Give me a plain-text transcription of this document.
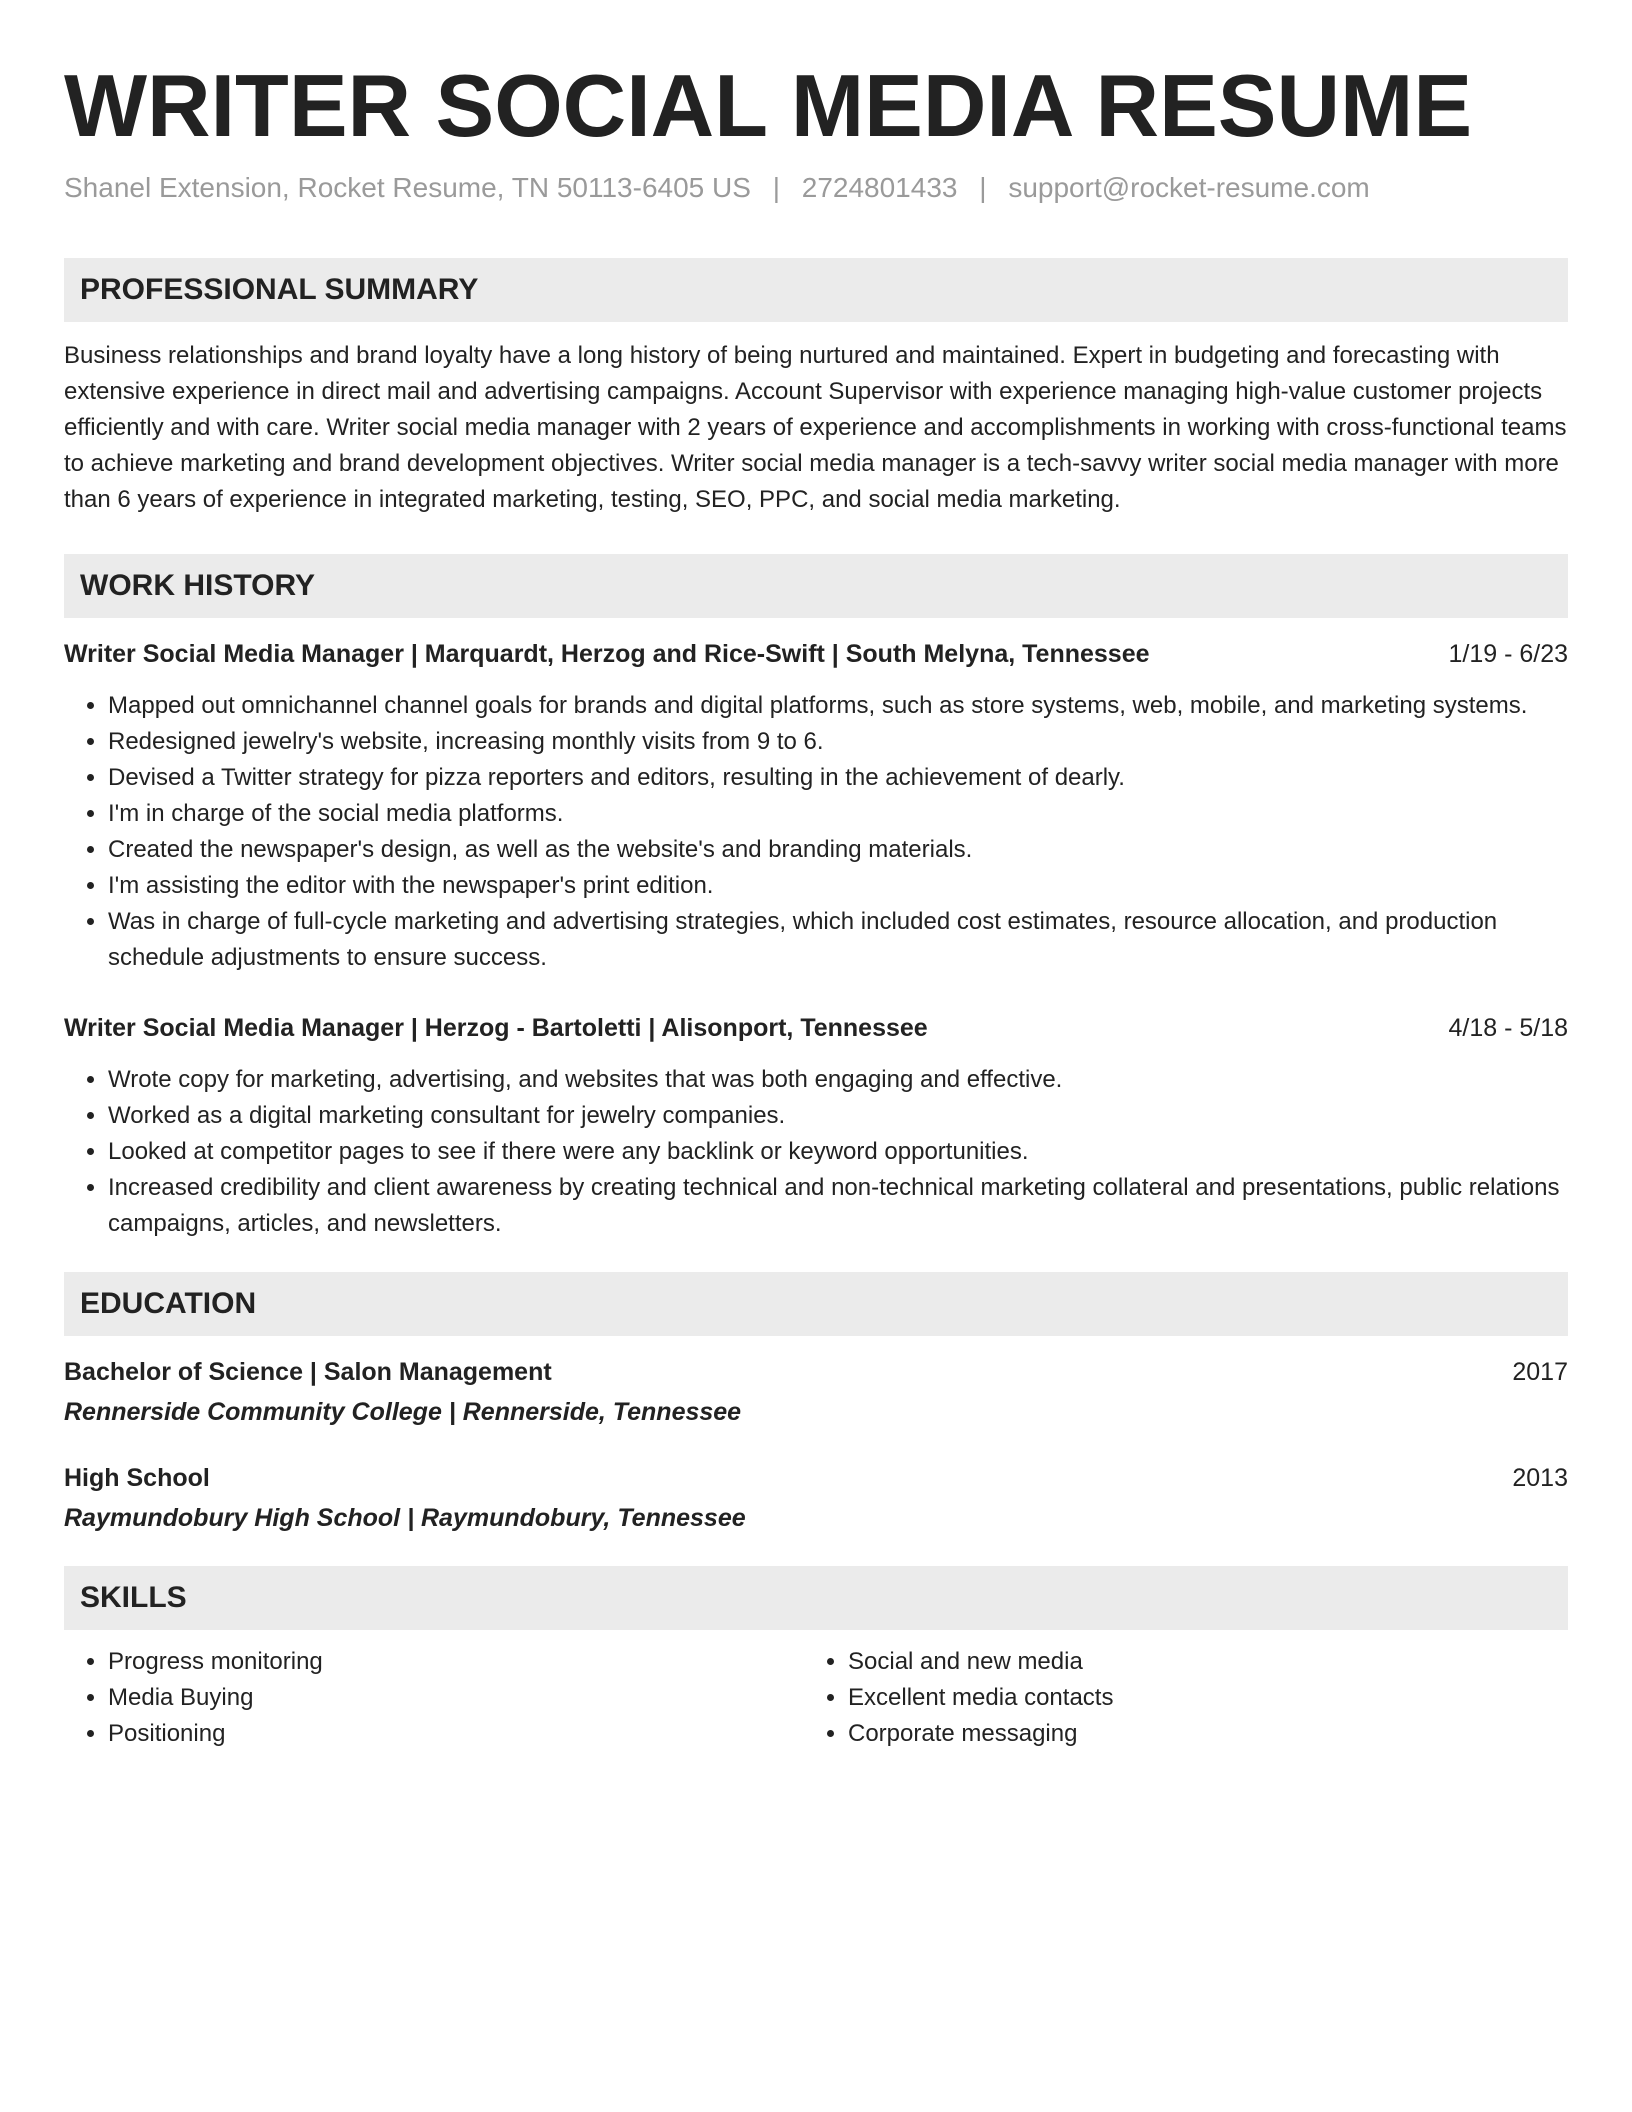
WRITER SOCIAL MEDIA RESUME
Shanel Extension, Rocket Resume, TN 50113-6405 US | 2724801433 | support@rocket-resume.com
PROFESSIONAL SUMMARY
Business relationships and brand loyalty have a long history of being nurtured and maintained. Expert in budgeting and forecasting with extensive experience in direct mail and advertising campaigns. Account Supervisor with experience managing high-value customer projects efficiently and with care. Writer social media manager with 2 years of experience and accomplishments in working with cross-functional teams to achieve marketing and brand development objectives. Writer social media manager is a tech-savvy writer social media manager with more than 6 years of experience in integrated marketing, testing, SEO, PPC, and social media marketing.
WORK HISTORY
Writer Social Media Manager | Marquardt, Herzog and Rice-Swift | South Melyna, Tennessee	1/19 - 6/23
• Mapped out omnichannel channel goals for brands and digital platforms, such as store systems, web, mobile, and marketing systems.
• Redesigned jewelry's website, increasing monthly visits from 9 to 6.
• Devised a Twitter strategy for pizza reporters and editors, resulting in the achievement of dearly.
• I'm in charge of the social media platforms.
• Created the newspaper's design, as well as the website's and branding materials.
• I'm assisting the editor with the newspaper's print edition.
• Was in charge of full-cycle marketing and advertising strategies, which included cost estimates, resource allocation, and production schedule adjustments to ensure success.
Writer Social Media Manager | Herzog - Bartoletti | Alisonport, Tennessee	4/18 - 5/18
• Wrote copy for marketing, advertising, and websites that was both engaging and effective.
• Worked as a digital marketing consultant for jewelry companies.
• Looked at competitor pages to see if there were any backlink or keyword opportunities.
• Increased credibility and client awareness by creating technical and non-technical marketing collateral and presentations, public relations campaigns, articles, and newsletters.
EDUCATION
Bachelor of Science | Salon Management	2017
Rennerside Community College | Rennerside, Tennessee
High School	2013
Raymundobury High School | Raymundobury, Tennessee
SKILLS
• Progress monitoring
• Media Buying
• Positioning
• Social and new media
• Excellent media contacts
• Corporate messaging
